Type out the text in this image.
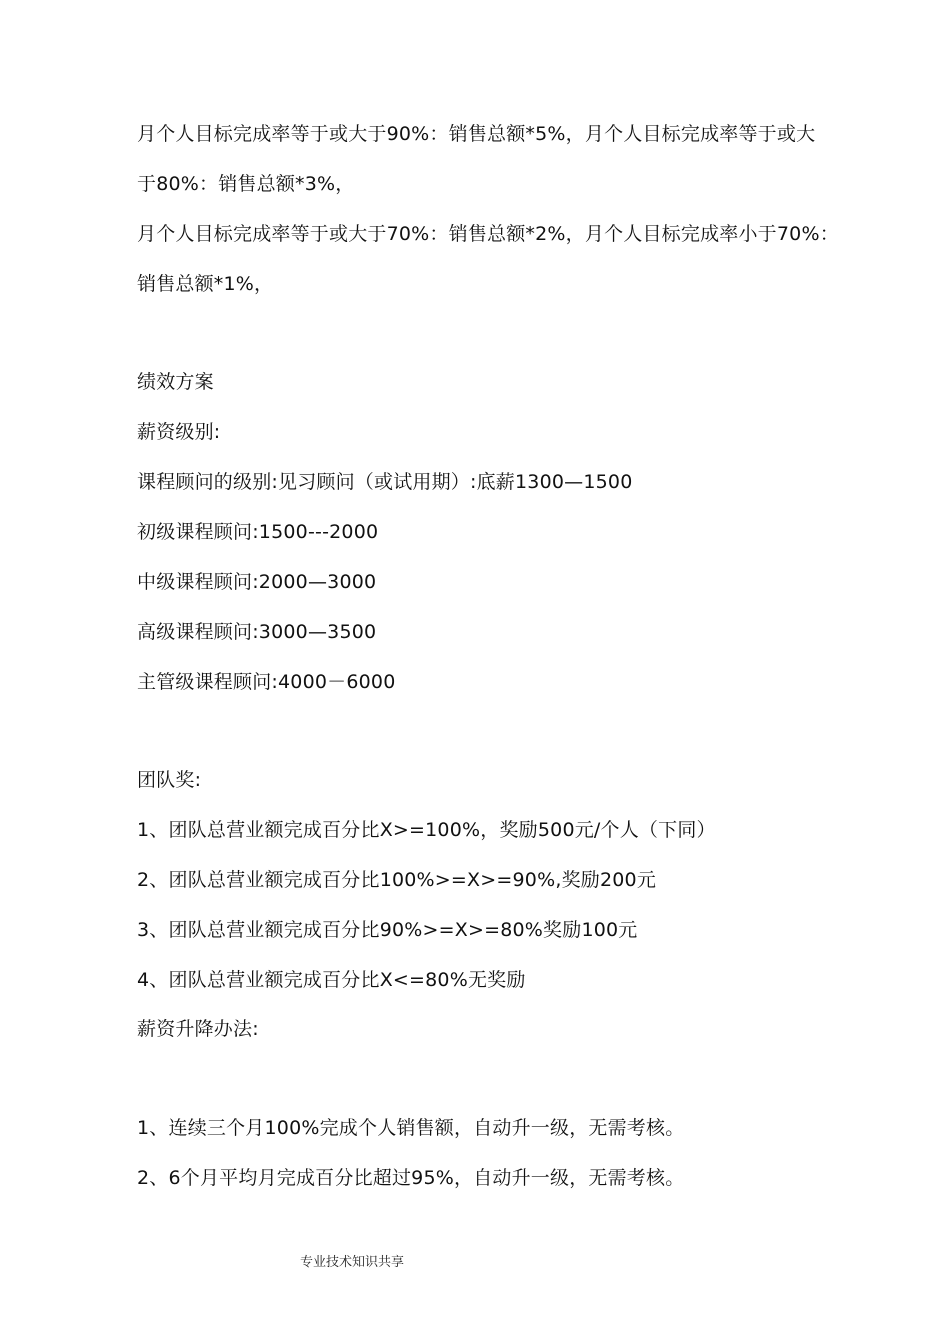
月个人目标完成率等于或大于90%：销售总额*5%，月个人目标完成率等于或大
于80%：销售总额*3%，
月个人目标完成率等于或大于70%：销售总额*2%，月个人目标完成率小于70%：
销售总额*1%，
绩效方案
薪资级别:
课程顾问的级别:见习顾问（或试用期）:底薪1300—1500
初级课程顾问:1500---2000
中级课程顾问:2000—3000
高级课程顾问:3000—3500
主管级课程顾问:4000－6000
团队奖:
1、团队总营业额完成百分比X>=100%，奖励500元/个人（下同）
2、团队总营业额完成百分比100%>=X>=90%,奖励200元
3、团队总营业额完成百分比90%>=X>=80%奖励100元
4、团队总营业额完成百分比X<=80%无奖励
薪资升降办法:
1、连续三个月100%完成个人销售额，自动升一级，无需考核。
2、6个月平均月完成百分比超过95%，自动升一级，无需考核。
专业技术知识共享
